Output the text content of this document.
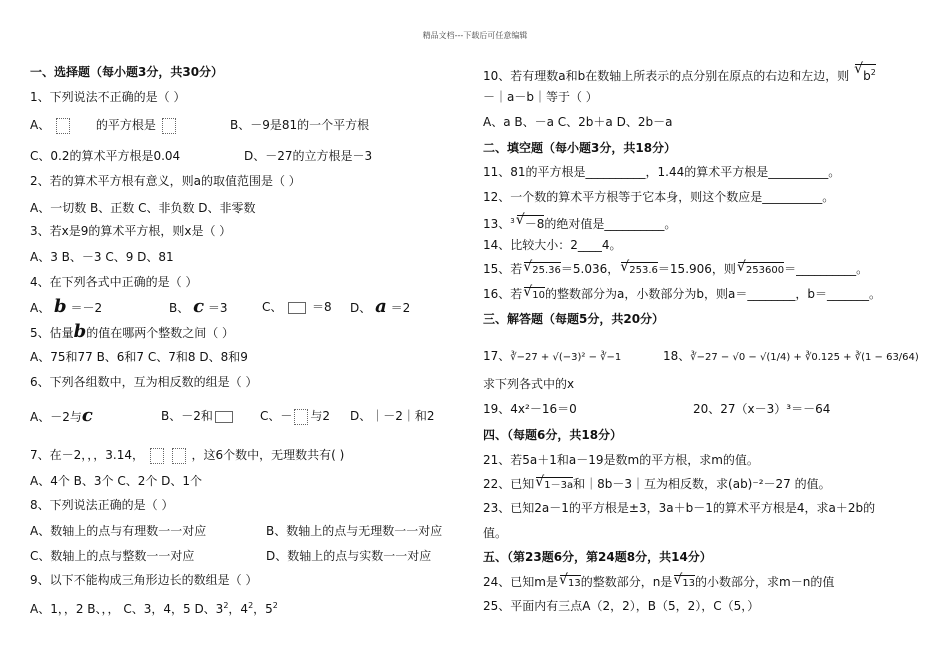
精品文档---下载后可任意编辑
一、选择题（每小题3分，共30分）
1、下列说法不正确的是（ ）
A、	的平方根是	B、－9是81的一个平方根
C、0.2的算术平方根是0.04	D、－27的立方根是－3
2、若的算术平方根有意义，则a的取值范围是（ ）
A、一切数 B、正数 C、非负数 D、非零数
3、若x是9的算术平方根，则x是（ ）
A、3 B、－3 C、9 D、81
4、在下列各式中正确的是（ ）
A、 b ＝－2	B、 c ＝3	C、 ＝8 D、 a ＝2
5、估量b的值在哪两个整数之间（ ）
A、75和77 B、6和7 C、7和8 D、8和9
6、下列各组数中，互为相反数的组是（ ）
A、－2与c	B、－2和	C、－ 与2 D、｜－2｜和2
7、在－2，，，3.14，	，这6个数中，无理数共有( )
A、4个 B、3个 C、2个 D、1个
8、下列说法正确的是（ ）
A、数轴上的点与有理数一一对应	B、数轴上的点与无理数一一对应
C、数轴上的点与整数一一对应	D、数轴上的点与实数一一对应
9、以下不能构成三角形边长的数组是（ ）
A、1，，2 B、，， C、3，4，5 D、$3^2$，$4^2$，$5^2$
10、若有理数a和b在数轴上所表示的点分别在原点的右边和左边，则 √ $b^2$
－｜a－b｜等于（ ）
A、a B、－a C、2b＋a D、2b－a
二、填空题（每小题3分，共18分）
11、81的平方根是__________，1.44的算术平方根是__________。
12、一个数的算术平方根等于它本身，则这个数应是__________。
13、$^3$ √ －8的绝对值是__________。
14、比较大小：2____4。
15、若 √ 25.36＝5.036， √ 253.6＝15.906，则 √ 253600＝__________。
16、若 √ 10的整数部分为a，小数部分为b，则a＝________，b＝_______。
三、解答题（每题5分，共20分）
17、∛−27 + √(−3)² − ∛−1	18、∛−27 − √0 − √(1/4) + ∛0.125 + ∛(1 − 63/64)
求下列各式中的x
19、4x²－16＝0	20、27（x－3）³＝－64
四、（每题6分，共18分）
21、若5a＋1和a－19是数m的平方根，求m的值。
22、已知 √ 1－3a和｜8b－3｜互为相反数，求(ab)⁻²－27 的值。
23、已知2a－1的平方根是±3，3a＋b－1的算术平方根是4，求a＋2b的
值。
五、（第23题6分，第24题8分，共14分）
24、已知m是 √ 13的整数部分，n是 √ 13的小数部分，求m－n的值
25、平面内有三点A（2，2），B（5，2），C（5，）
